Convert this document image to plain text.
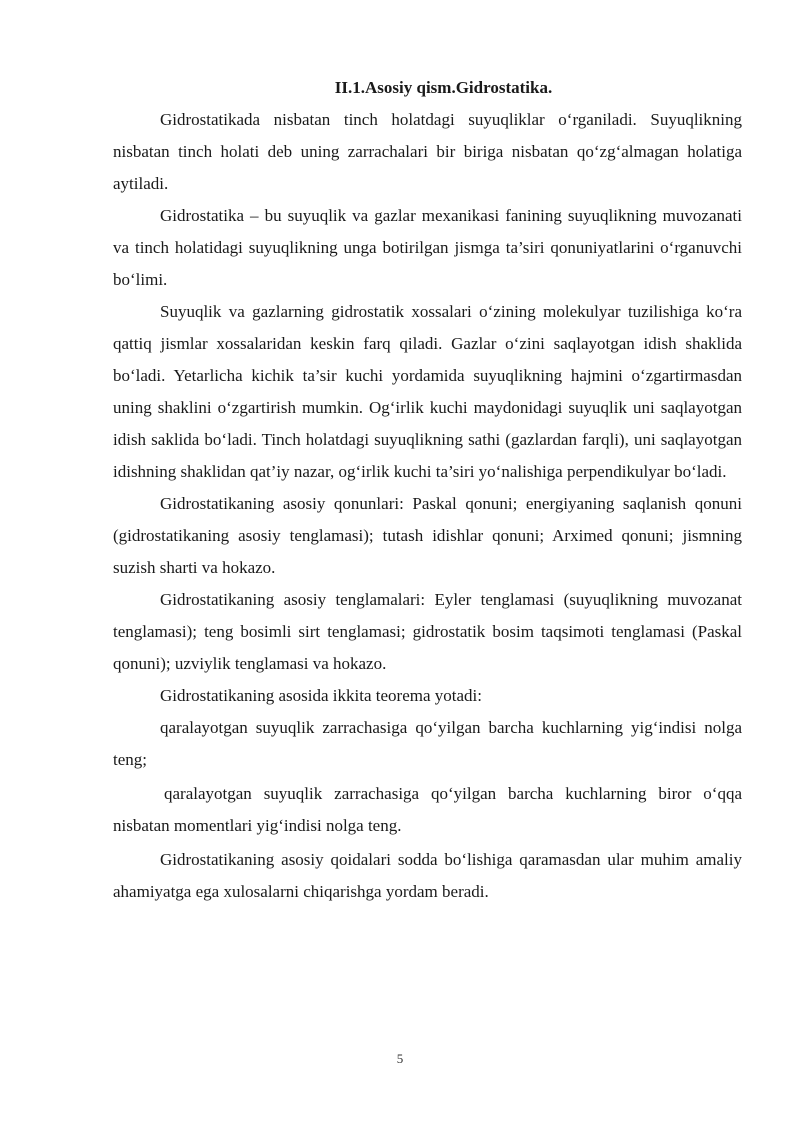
II.1.Asosiy qism.Gidrostatika.

Gidrostatikada nisbatan tinch holatdagi suyuqliklar o‘rganiladi. Suyuqlikning nisbatan tinch holati deb uning zarrachalari bir biriga nisbatan qo‘zg‘almagan holatiga aytiladi.

Gidrostatika – bu suyuqlik va gazlar mexanikasi fanining suyuqlikning muvozanati va tinch holatidagi suyuqlikning unga botirilgan jismga ta’siri qonuniyatlarini o‘rganuvchi bo‘limi.

Suyuqlik va gazlarning gidrostatik xossalari o‘zining molekulyar tuzilishiga ko‘ra qattiq jismlar xossalaridan keskin farq qiladi. Gazlar o‘zini saqlayotgan idish shaklida bo‘ladi. Yetarlicha kichik ta’sir kuchi yordamida suyuqlikning hajmini o‘zgartirmasdan uning shaklini o‘zgartirish mumkin. Og‘irlik kuchi maydonidagi suyuqlik uni saqlayotgan idish saklida bo‘ladi. Tinch holatdagi suyuqlikning sathi (gazlardan farqli), uni saqlayotgan idishning shaklidan qat’iy nazar, og‘irlik kuchi ta’siri yo‘nalishiga perpendikulyar bo‘ladi.

Gidrostatikaning asosiy qonunlari: Paskal qonuni; energiyaning saqlanish qonuni (gidrostatikaning asosiy tenglamasi); tutash idishlar qonuni; Arximed qonuni; jismning suzish sharti va hokazo.

Gidrostatikaning asosiy tenglamalari: Eyler tenglamasi (suyuqlikning muvozanat tenglamasi); teng bosimli sirt tenglamasi; gidrostatik bosim taqsimoti tenglamasi (Paskal qonuni); uzviylik tenglamasi va hokazo.

Gidrostatikaning asosida ikkita teorema yotadi:

qaralayotgan suyuqlik zarrachasiga qo‘yilgan barcha kuchlarning yig‘indisi nolga teng;

qaralayotgan suyuqlik zarrachasiga qo‘yilgan barcha kuchlarning biror o‘qqa nisbatan momentlari yig‘indisi nolga teng.

Gidrostatikaning asosiy qoidalari sodda bo‘lishiga qaramasdan ular muhim amaliy ahamiyatga ega xulosalarni chiqarishga yordam beradi.

5
